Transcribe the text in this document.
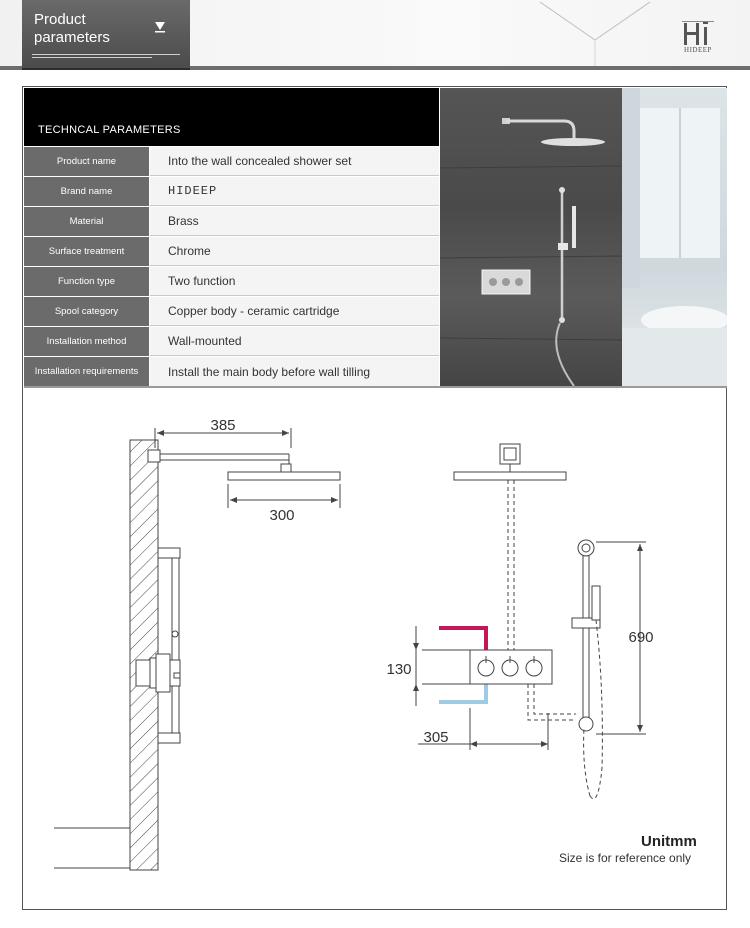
Product parameters
HIDEEP
TECHNCAL PARAMETERS
Product name	Into the wall concealed shower set
Brand name	HIDEEP
Material	Brass
Surface treatment	Chrome
Function type	Two function
Spool category	Copper body - ceramic cartridge
Installation method	Wall-mounted
Installation requirements	Install the main body before wall tilling
385
300
130
305
690
Unitmm
Size is for reference only
